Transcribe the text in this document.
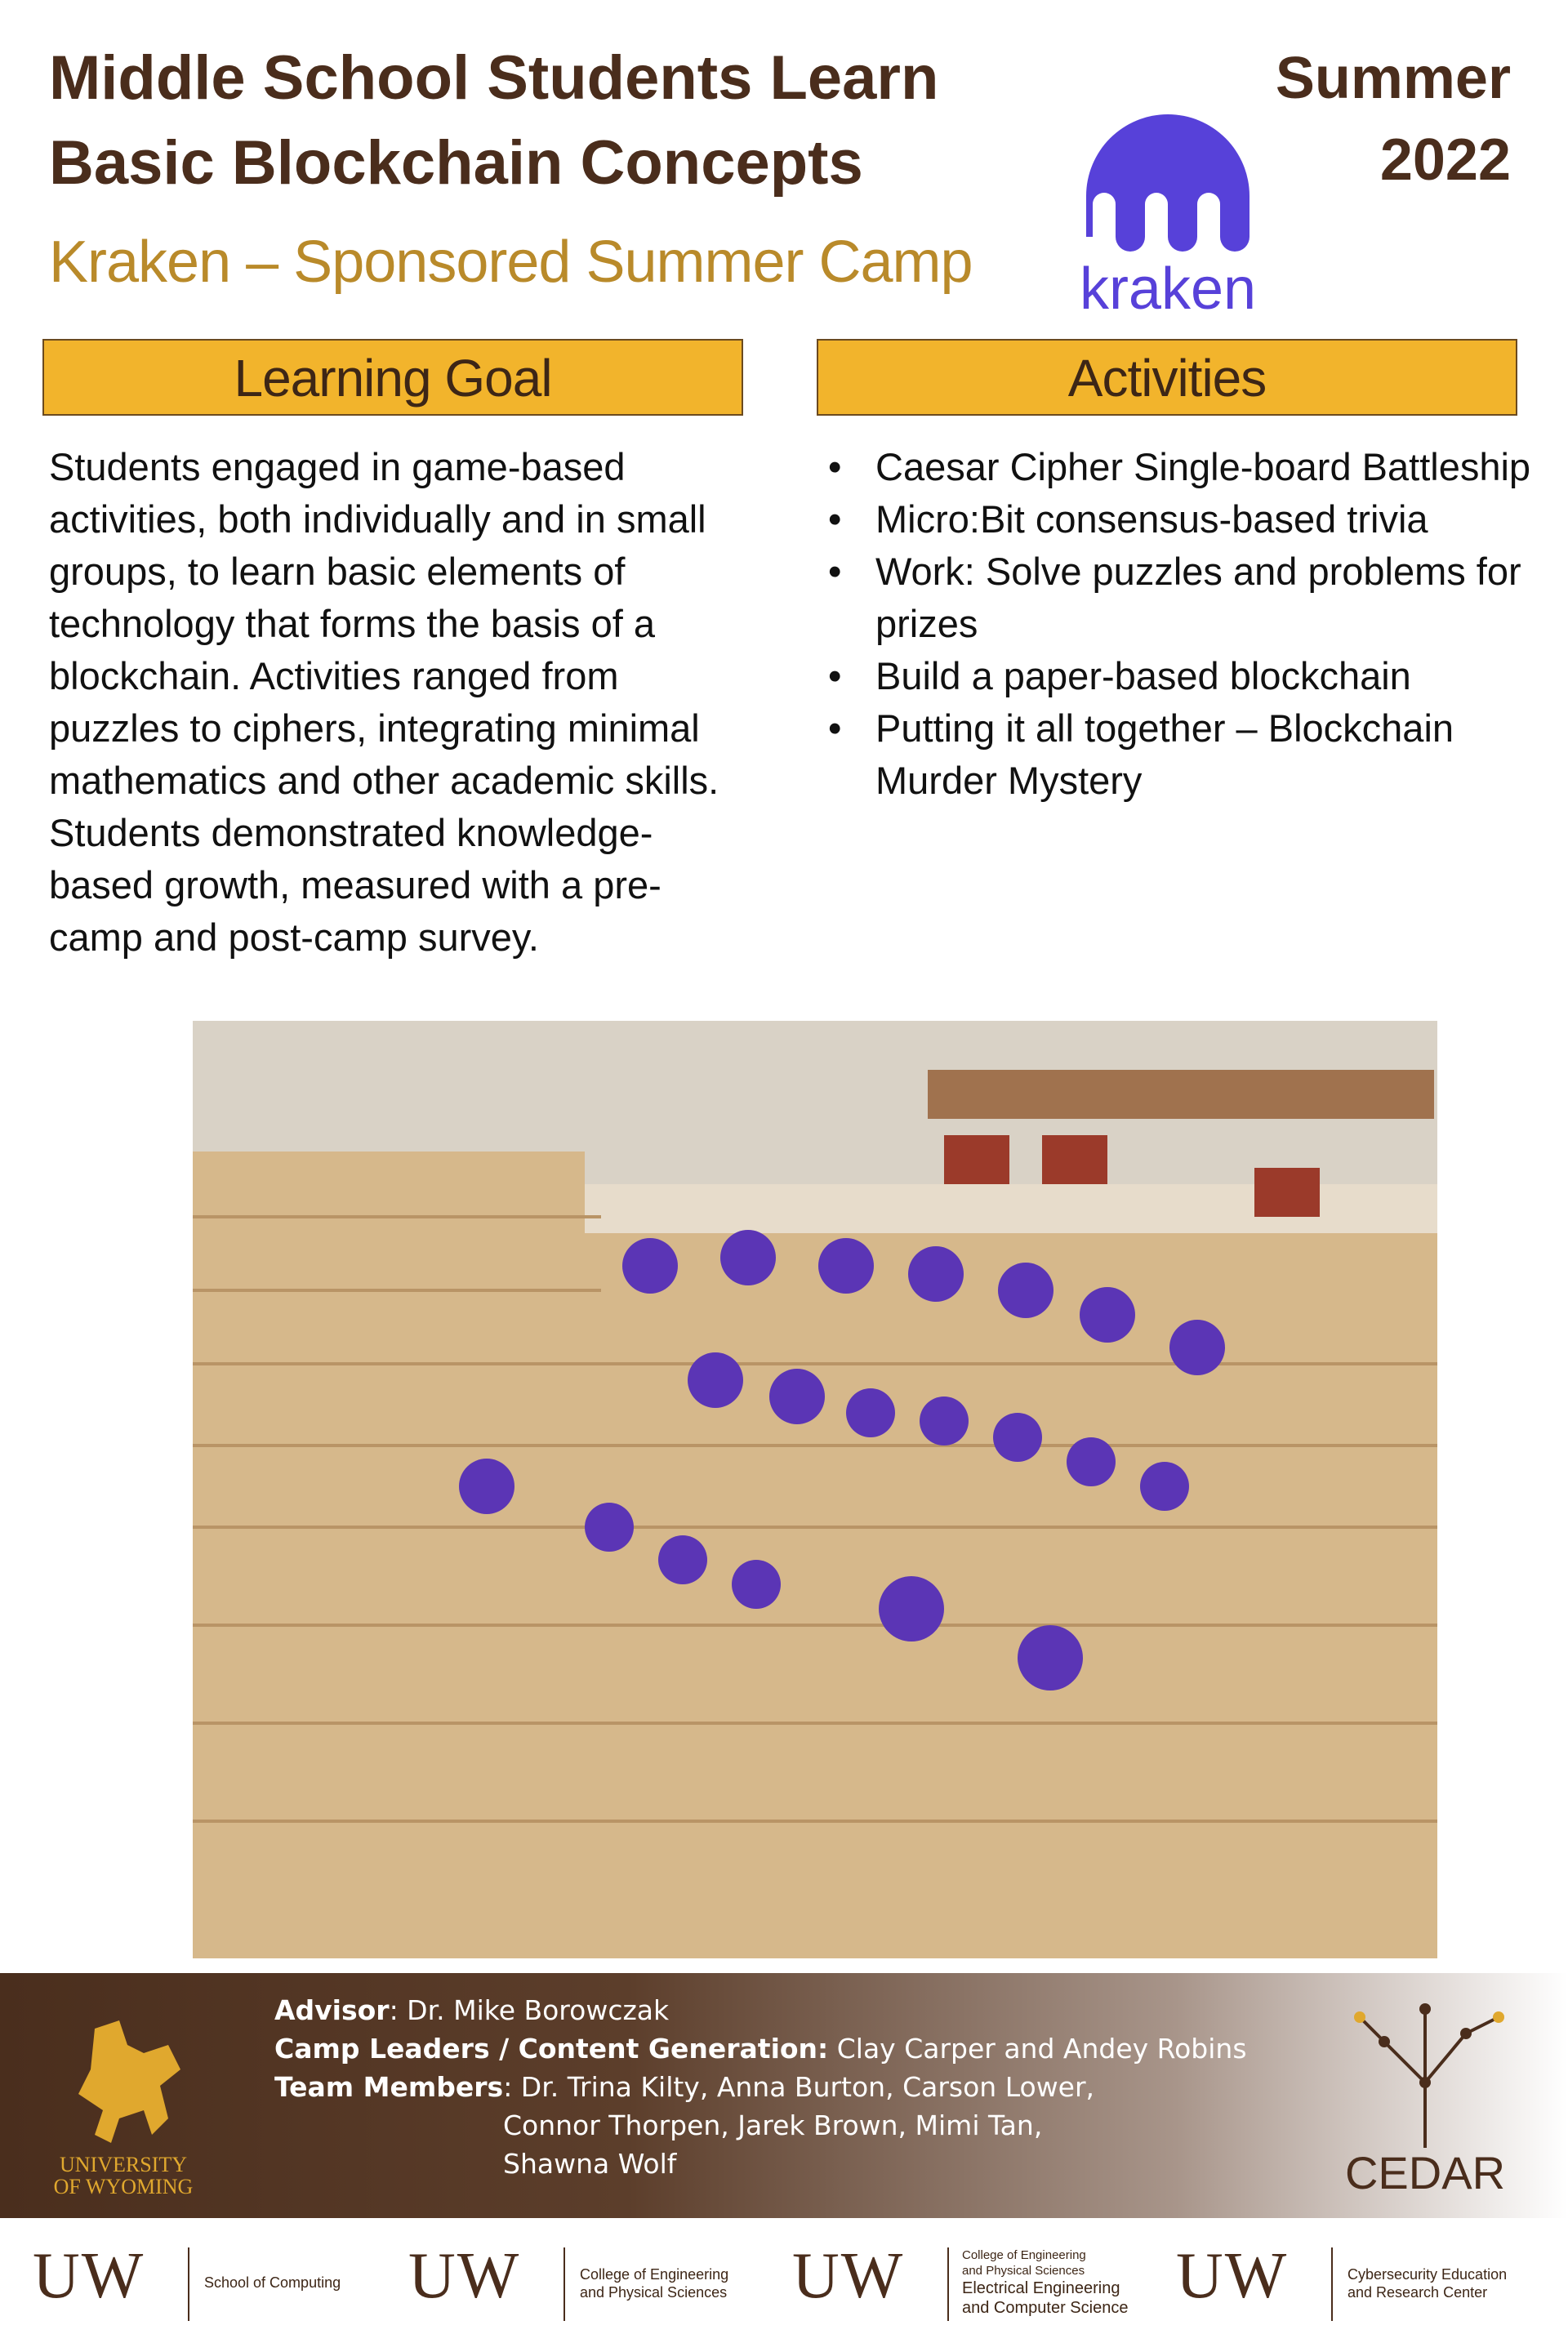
Middle School Students Learn
Basic Blockchain Concepts
Summer
2022
Kraken – Sponsored Summer Camp kraken
Learning Goal	Activities
Students engaged in game-based activities, both individually and in small groups, to learn basic elements of technology that forms the basis of a blockchain. Activities ranged from puzzles to ciphers, integrating minimal mathematics and other academic skills. Students demonstrated knowledge-based growth, measured with a pre-camp and post-camp survey.
• Caesar Cipher Single-board Battleship
• Micro:Bit consensus-based trivia
• Work: Solve puzzles and problems for prizes
• Build a paper-based blockchain
• Putting it all together – Blockchain Murder Mystery
UNIVERSITY
OF WYOMING
Advisor: Dr. Mike Borowczak
Camp Leaders / Content Generation: Clay Carper and Andey Robins
Team Members: Dr. Trina Kilty, Anna Burton, Carson Lower,
Connor Thorpen, Jarek Brown, Mimi Tan,
Shawna Wolf	CEDAR
UW	School of Computing UW	College of Engineering
and Physical Sciences UW	College of Engineering
and Physical Sciences
Electrical Engineering
and Computer Science UW	Cybersecurity Education
and Research Center
